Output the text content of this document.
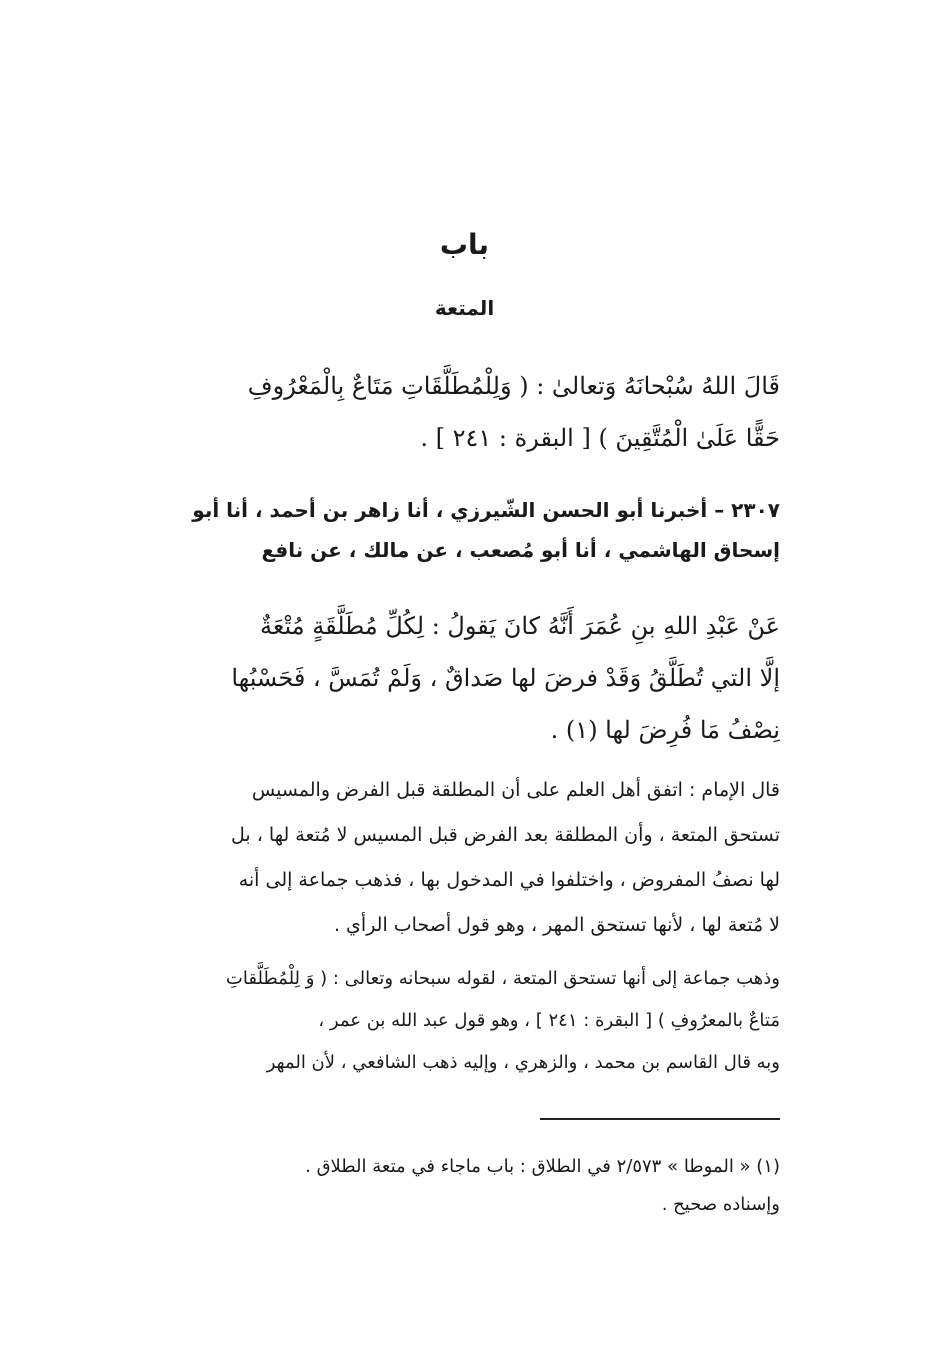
باب
المتعة
قَالَ اللهُ سُبْحانَهُ وَتعالىٰ : ( وَلِلْمُطَلَّقَاتِ مَتَاعٌ بِالْمَعْرُوفِ
حَقًّا عَلَىٰ الْمُتَّقِينَ ) [ البقرة : ٢٤١ ] .
٢٣٠٧ – أخبرنا أبو الحسن الشّيرزي ، أنا زاهر بن أحمد ، أنا أبو
إسحاق الهاشمي ، أنا أبو مُصعب ، عن مالك ، عن نافع
عَنْ عَبْدِ اللهِ بنِ عُمَرَ أَنَّهُ كانَ يَقولُ : لِكُلِّ مُطَلَّقَةٍ مُتْعَةٌ
إلَّا التي تُطَلَّقُ وَقَدْ فرضَ لها صَداقٌ ، وَلَمْ تُمَسَّ ، فَحَسْبُها
نِصْفُ مَا فُرِضَ لها (١) .
قال الإمام : اتفق أهل العلم على أن المطلقة قبل الفرض والمسيس
تستحق المتعة ، وأن المطلقة بعد الفرض قبل المسيس لا مُتعة لها ، بل
لها نصفُ المفروض ، واختلفوا في المدخول بها ، فذهب جماعة إلى أنه
لا مُتعة لها ، لأنها تستحق المهر ، وهو قول أصحاب الرأي .
وذهب جماعة إلى أنها تستحق المتعة ، لقوله سبحانه وتعالى : ( وَ لِلْمُطَلَّقاتِ
مَتاعٌ بالمعرُوفِ ) [ البقرة : ٢٤١ ] ، وهو قول عبد الله بن عمر ،
وبه قال القاسم بن محمد ، والزهري ، وإليه ذهب الشافعي ، لأن المهر
(١) « الموطا » ٢/٥٧٣ في الطلاق : باب ماجاء في متعة الطلاق .
وإسناده صحيح .
